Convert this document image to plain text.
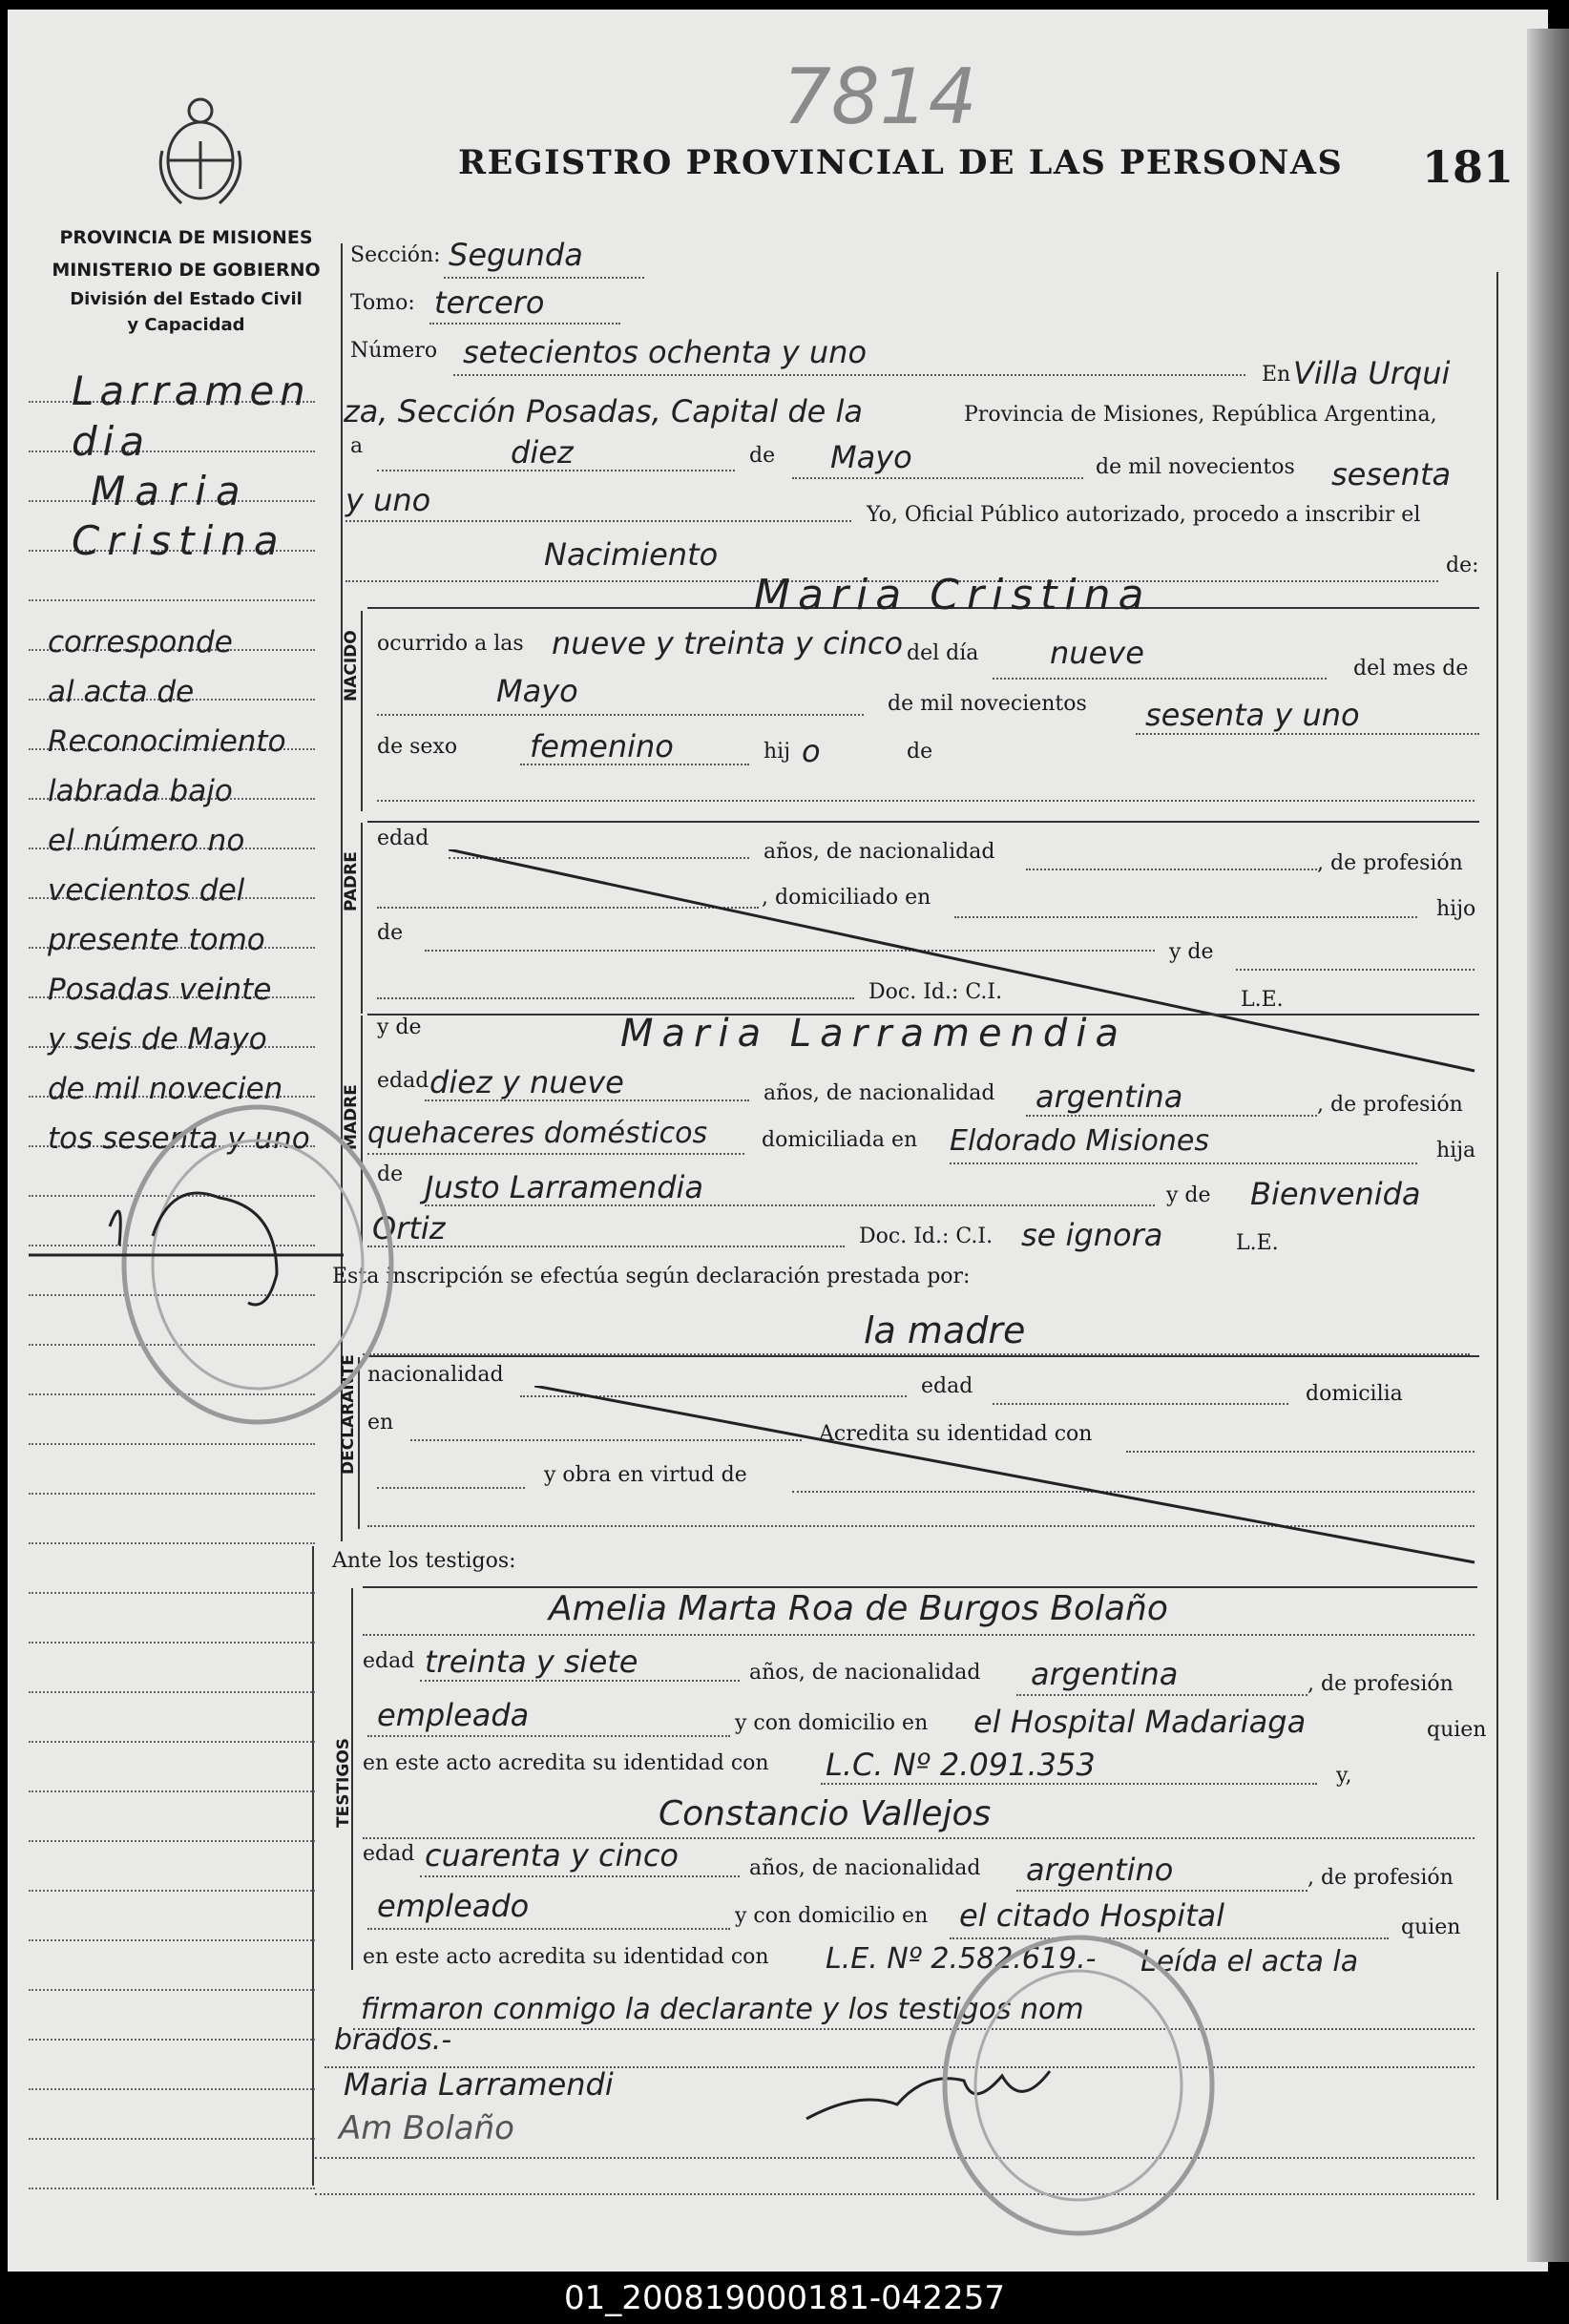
7814
181
REGISTRO PROVINCIAL DE LAS PERSONAS
PROVINCIA DE MISIONES
MINISTERIO DE GOBIERNO
División del Estado Civil
y Capacidad
Larramen
dia
Maria
Cristina
corresponde
al acta de
Reconocimiento
labrada bajo
el número no
vecientos del
presente tomo
Posadas veinte
y seis de Mayo
de mil novecien
tos sesenta y uno
Sección: Segunda
Tomo: tercero
Número setecientos ochenta y uno
En Villa Urqui
za, Sección Posadas, Capital de la	Provincia de Misiones, República Argentina,
a	diez	de Mayo	de mil novecientos sesenta
y uno	Yo, Oficial Público autorizado, procedo a inscribir el
Nacimiento	de:
NACIDO
Maria Cristina
ocurrido a las nueve y treinta y cinco del día nueve	del mes de
Mayo	de mil novecientos sesenta y uno
de sexo femenino	hij o	de
PADRE
edad
años, de nacionalidad	, de profesión
, domiciliado en	hijo
de
y de
Doc. Id.: C.I.	L.E.
MADRE
y de	Maria Larramendia
edad diez y nueve	años, de nacionalidad argentina	, de profesión
quehaceres domésticos	domiciliada en Eldorado Misiones	hija
de Justo Larramendia	y de Bienvenida
Ortiz	Doc. Id.: C.I. se ignora	L.E.
Esta inscripción se efectúa según declaración prestada por:
la madre
DECLARANTE nacionalidad	edad	domicilia
en	Acredita su identidad con
y obra en virtud de
Ante los testigos:
TESTIGOS
Amelia Marta Roa de Burgos Bolaño
edad treinta y siete	años, de nacionalidad argentina	, de profesión
empleada	y con domicilio en el Hospital Madariaga	quien
en este acto acredita su identidad con L.C. Nº 2.091.353	y,
Constancio Vallejos
edad cuarenta y cinco	años, de nacionalidad argentino	, de profesión
empleado	y con domicilio en el citado Hospital	quien
en este acto acredita su identidad con L.E. Nº 2.582.619.- Leída el acta la
firmaron conmigo la declarante y los testigos nom
brados.-
Maria Larramendi
Am Bolaño
01_200819000181-042257
